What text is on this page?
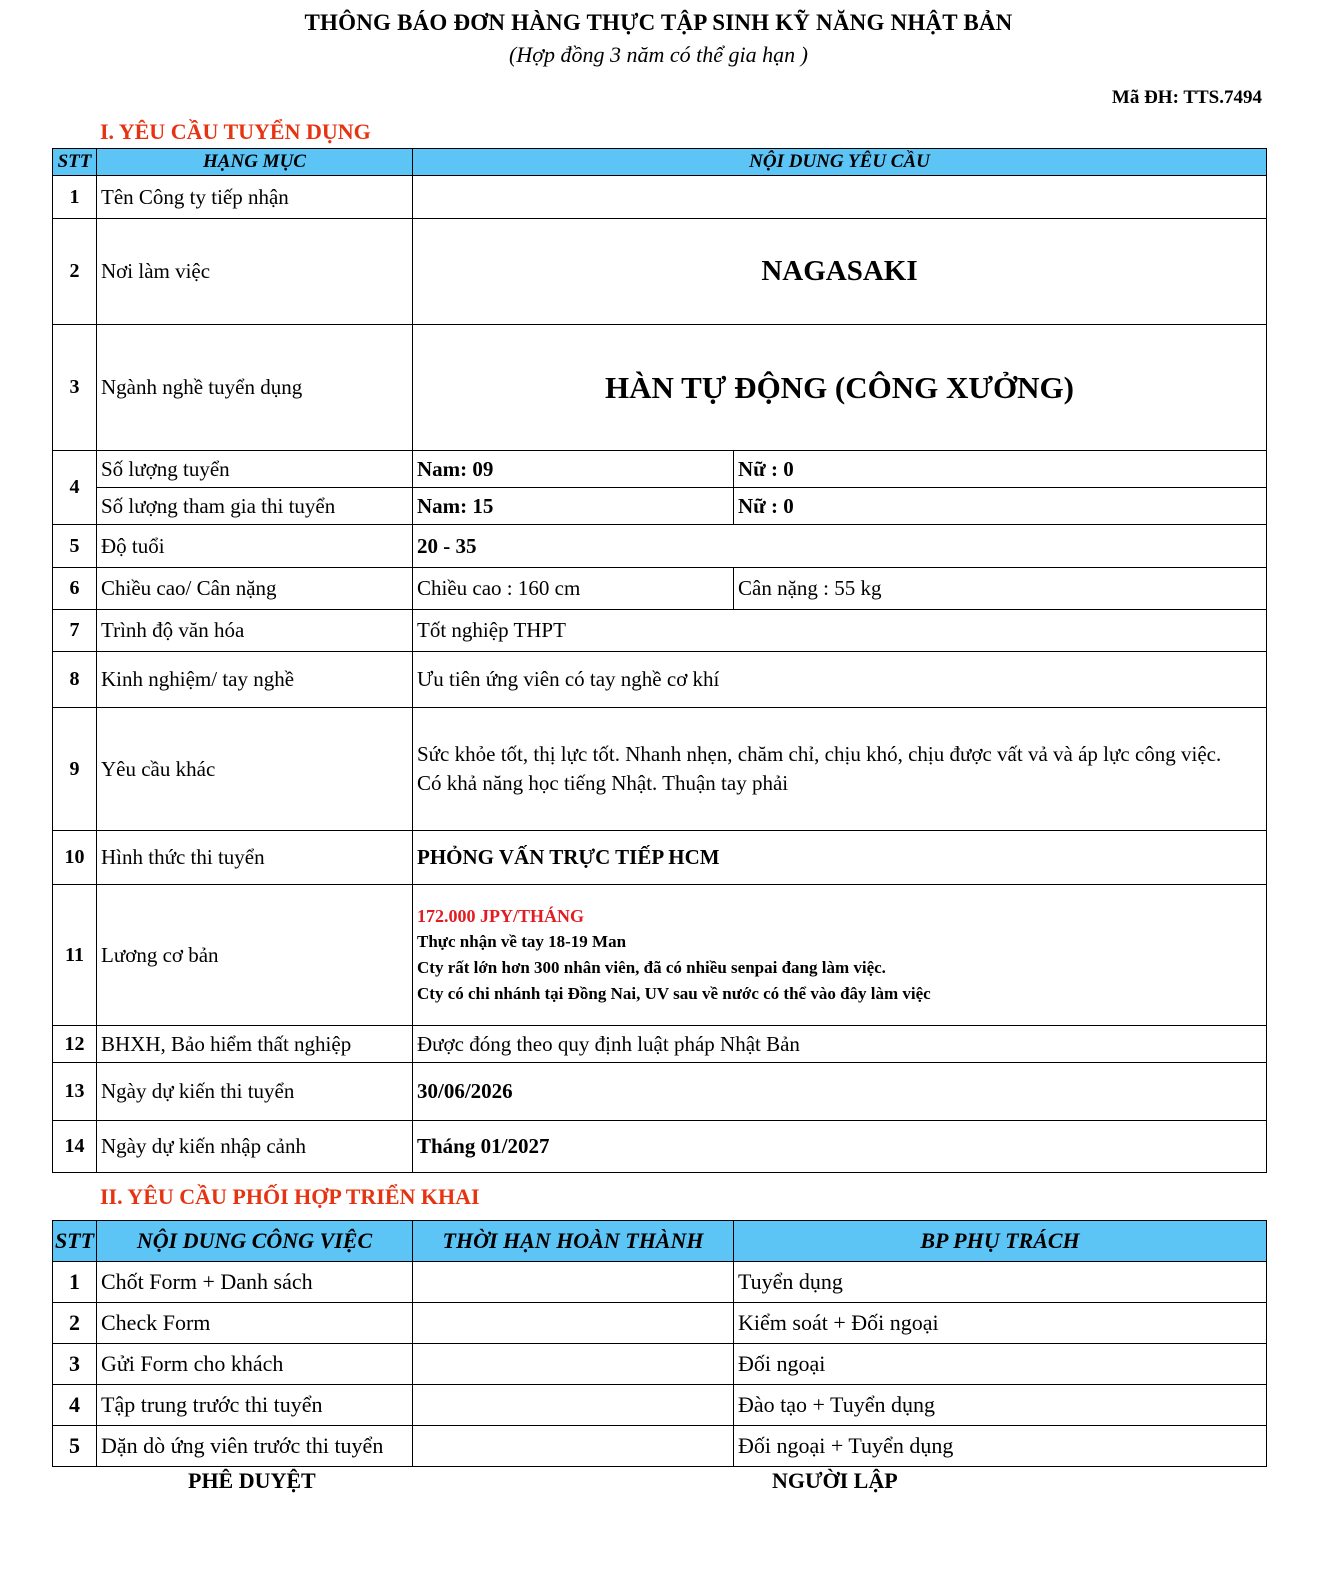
THÔNG BÁO ĐƠN HÀNG THỰC TẬP SINH KỸ NĂNG NHẬT BẢN
(Hợp đồng 3 năm có thể gia hạn )
Mã ĐH: TTS.7494
I. YÊU CẦU TUYỂN DỤNG
STT	HẠNG MỤC	NỘI DUNG YÊU CẦU	
1	Tên Công ty tiếp nhận		
2	Nơi làm việc	NAGASAKI	
3	Ngành nghề tuyển dụng	HÀN TỰ ĐỘNG (CÔNG XƯỞNG)	
4	Số lượng tuyển	Nam: 09	Nữ : 0
	Số lượng tham gia thi tuyển	Nam: 15	Nữ : 0
5	Độ tuổi	20 - 35	
6	Chiều cao/ Cân nặng	Chiều cao : 160 cm	Cân nặng : 55 kg
7	Trình độ văn hóa	Tốt nghiệp THPT	
8	Kinh nghiệm/ tay nghề	Ưu tiên ứng viên có tay nghề cơ khí	
9	Yêu cầu khác	Sức khỏe tốt, thị lực tốt. Nhanh nhẹn, chăm chỉ, chịu khó, chịu được vất vả và áp lực công việc.
Có khả năng học tiếng Nhật. Thuận tay phải	

10	Hình thức thi tuyển	PHỎNG VẤN TRỰC TIẾP HCM	
11	Lương cơ bản	172.000 JPY/THÁNG
Thực nhận về tay 18-19 Man
Cty rất lớn hơn 300 nhân viên, đã có nhiều senpai đang làm việc.
Cty có chi nhánh tại Đồng Nai, UV sau về nước có thể vào đây làm việc	

12	BHXH, Bảo hiểm thất nghiệp	Được đóng theo quy định luật pháp Nhật Bản	
13	Ngày dự kiến thi tuyển	30/06/2026	
14	Ngày dự kiến nhập cảnh	Tháng 01/2027	
II. YÊU CẦU PHỐI HỢP TRIỂN KHAI
STT	NỘI DUNG CÔNG VIỆC	THỜI HẠN HOÀN THÀNH	BP PHỤ TRÁCH
1	Chốt Form + Danh sách		Tuyển dụng
2	Check Form		Kiểm soát + Đối ngoại
3	Gửi Form cho khách		Đối ngoại
4	Tập trung trước thi tuyển		Đào tạo + Tuyển dụng
5	Dặn dò ứng viên trước thi tuyển		Đối ngoại + Tuyển dụng
PHÊ DUYỆT	NGƯỜI LẬP
